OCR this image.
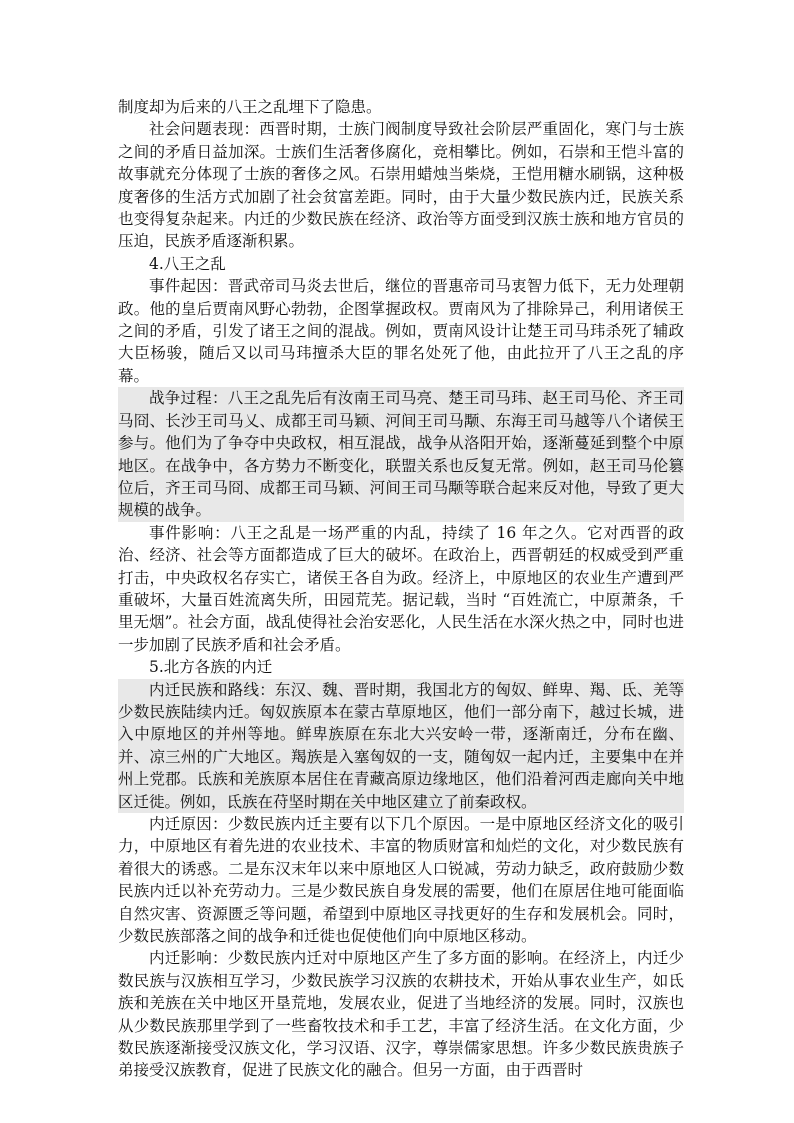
制度却为后来的八王之乱埋下了隐患。

社会问题表现：西晋时期，士族门阀制度导致社会阶层严重固化，寒门与士族之间的矛盾日益加深。士族们生活奢侈腐化，竞相攀比。例如，石崇和王恺斗富的故事就充分体现了士族的奢侈之风。石崇用蜡烛当柴烧，王恺用糖水刷锅，这种极度奢侈的生活方式加剧了社会贫富差距。同时，由于大量少数民族内迁，民族关系也变得复杂起来。内迁的少数民族在经济、政治等方面受到汉族士族和地方官员的压迫，民族矛盾逐渐积累。

4.八王之乱

事件起因：晋武帝司马炎去世后，继位的晋惠帝司马衷智力低下，无力处理朝政。他的皇后贾南风野心勃勃，企图掌握政权。贾南风为了排除异己，利用诸侯王之间的矛盾，引发了诸王之间的混战。例如，贾南风设计让楚王司马玮杀死了辅政大臣杨骏，随后又以司马玮擅杀大臣的罪名处死了他，由此拉开了八王之乱的序幕。

战争过程：八王之乱先后有汝南王司马亮、楚王司马玮、赵王司马伦、齐王司马冏、长沙王司马乂、成都王司马颖、河间王司马颙、东海王司马越等八个诸侯王参与。他们为了争夺中央政权，相互混战，战争从洛阳开始，逐渐蔓延到整个中原地区。在战争中，各方势力不断变化，联盟关系也反复无常。例如，赵王司马伦篡位后，齐王司马冏、成都王司马颖、河间王司马颙等联合起来反对他，导致了更大规模的战争。

事件影响：八王之乱是一场严重的内乱，持续了 16 年之久。它对西晋的政治、经济、社会等方面都造成了巨大的破坏。在政治上，西晋朝廷的权威受到严重打击，中央政权名存实亡，诸侯王各自为政。经济上，中原地区的农业生产遭到严重破坏，大量百姓流离失所，田园荒芜。据记载，当时 “百姓流亡，中原萧条，千里无烟”。社会方面，战乱使得社会治安恶化，人民生活在水深火热之中，同时也进一步加剧了民族矛盾和社会矛盾。

5.北方各族的内迁

内迁民族和路线：东汉、魏、晋时期，我国北方的匈奴、鲜卑、羯、氐、羌等少数民族陆续内迁。匈奴族原本在蒙古草原地区，他们一部分南下，越过长城，进入中原地区的并州等地。鲜卑族原在东北大兴安岭一带，逐渐南迁，分布在幽、并、凉三州的广大地区。羯族是入塞匈奴的一支，随匈奴一起内迁，主要集中在并州上党郡。氐族和羌族原本居住在青藏高原边缘地区，他们沿着河西走廊向关中地区迁徙。例如，氐族在苻坚时期在关中地区建立了前秦政权。

内迁原因：少数民族内迁主要有以下几个原因。一是中原地区经济文化的吸引力，中原地区有着先进的农业技术、丰富的物质财富和灿烂的文化，对少数民族有着很大的诱惑。二是东汉末年以来中原地区人口锐减，劳动力缺乏，政府鼓励少数民族内迁以补充劳动力。三是少数民族自身发展的需要，他们在原居住地可能面临自然灾害、资源匮乏等问题，希望到中原地区寻找更好的生存和发展机会。同时，少数民族部落之间的战争和迁徙也促使他们向中原地区移动。

内迁影响：少数民族内迁对中原地区产生了多方面的影响。在经济上，内迁少数民族与汉族相互学习，少数民族学习汉族的农耕技术，开始从事农业生产，如氐族和羌族在关中地区开垦荒地，发展农业，促进了当地经济的发展。同时，汉族也从少数民族那里学到了一些畜牧技术和手工艺，丰富了经济生活。在文化方面，少数民族逐渐接受汉族文化，学习汉语、汉字，尊崇儒家思想。许多少数民族贵族子弟接受汉族教育，促进了民族文化的融合。但另一方面，由于西晋时
